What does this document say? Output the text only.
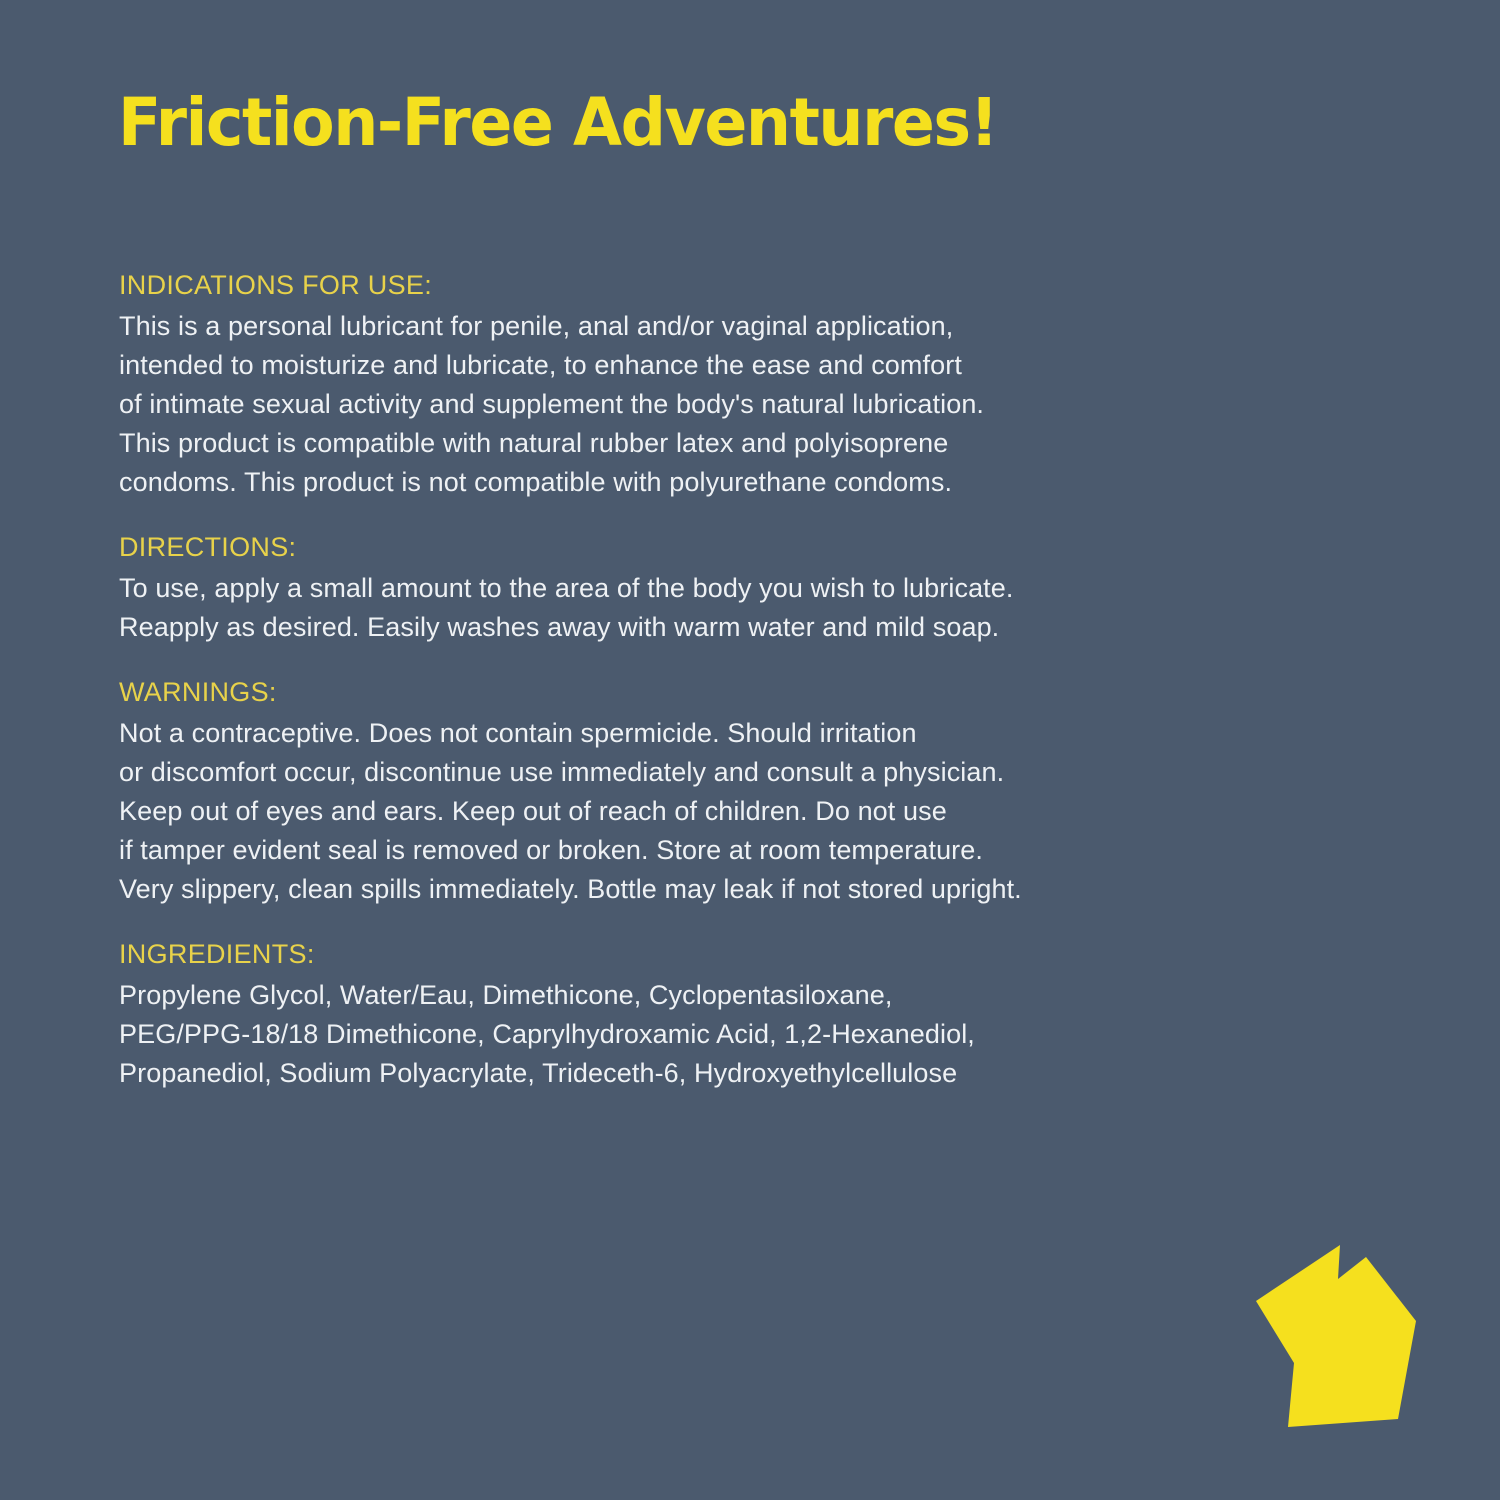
Friction-Free Adventures!
INDICATIONS FOR USE:
This is a personal lubricant for penile, anal and/or vaginal application,
intended to moisturize and lubricate, to enhance the ease and comfort
of intimate sexual activity and supplement the body's natural lubrication.
This product is compatible with natural rubber latex and polyisoprene
condoms. This product is not compatible with polyurethane condoms.
DIRECTIONS:
To use, apply a small amount to the area of the body you wish to lubricate.
Reapply as desired. Easily washes away with warm water and mild soap.
WARNINGS:
Not a contraceptive. Does not contain spermicide. Should irritation
or discomfort occur, discontinue use immediately and consult a physician.
Keep out of eyes and ears. Keep out of reach of children. Do not use
if tamper evident seal is removed or broken. Store at room temperature.
Very slippery, clean spills immediately. Bottle may leak if not stored upright.
INGREDIENTS:
Propylene Glycol, Water/Eau, Dimethicone, Cyclopentasiloxane,
PEG/PPG-18/18 Dimethicone, Caprylhydroxamic Acid, 1,2-Hexanediol,
Propanediol, Sodium Polyacrylate, Trideceth-6, Hydroxyethylcellulose
